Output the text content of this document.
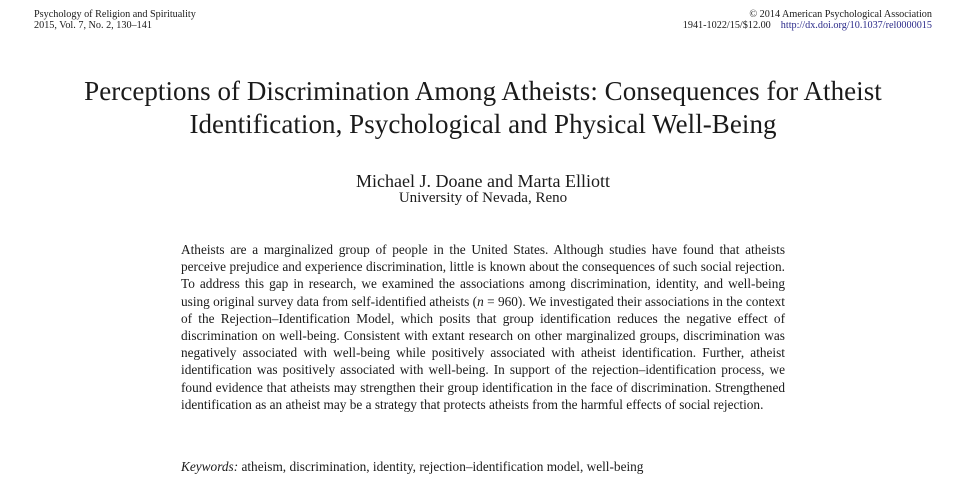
Psychology of Religion and Spirituality
2015, Vol. 7, No. 2, 130–141
© 2014 American Psychological Association
1941-1022/15/$12.00 http://dx.doi.org/10.1037/rel0000015
Perceptions of Discrimination Among Atheists: Consequences for Atheist
Identification, Psychological and Physical Well-Being
Michael J. Doane and Marta Elliott
University of Nevada, Reno
Atheists are a marginalized group of people in the United States. Although studies have found that atheists perceive prejudice and experience discrimination, little is known about the consequences of such social rejection. To address this gap in research, we examined the associations among discrimination, identity, and well-being using original survey data from self-identified atheists (n = 960). We investigated their associations in the context of the Rejection–Identification Model, which posits that group identification reduces the negative effect of discrimination on well-being. Consistent with extant research on other marginalized groups, discrimination was negatively associated with well-being while positively associated with atheist identification. Further, atheist identification was positively associated with well-being. In support of the rejection–identification process, we found evidence that atheists may strengthen their group identification in the face of discrimination. Strengthened identification as an atheist may be a strategy that protects atheists from the harmful effects of social rejection.
Keywords: atheism, discrimination, identity, rejection–identification model, well-being
